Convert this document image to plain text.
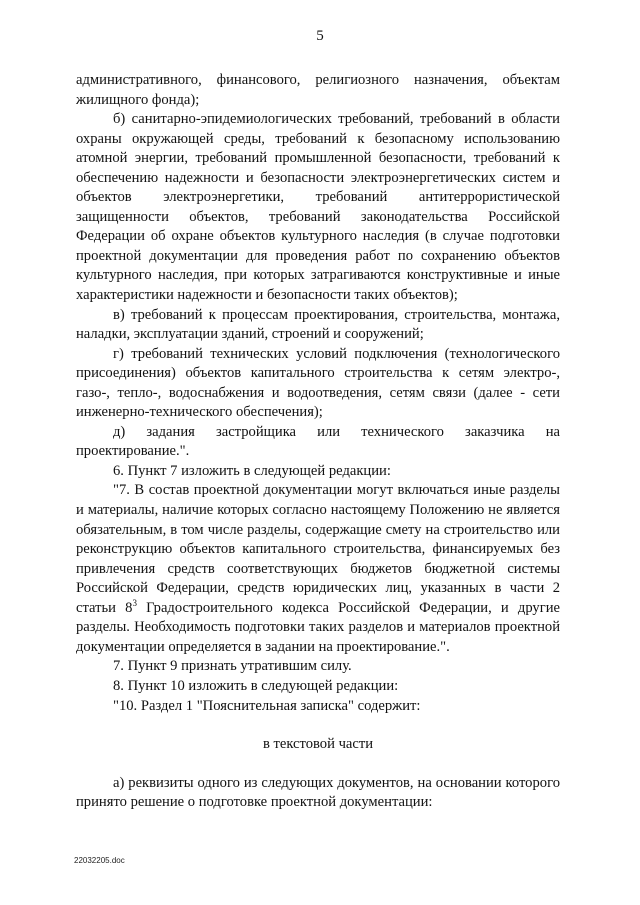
5

административного, финансового, религиозного назначения, объектам жилищного фонда);

б) санитарно-эпидемиологических требований, требований в области охраны окружающей среды, требований к безопасному использованию атомной энергии, требований промышленной безопасности, требований к обеспечению надежности и безопасности электроэнергетических систем и объектов электроэнергетики, требований антитеррористической защищенности объектов, требований законодательства Российской Федерации об охране объектов культурного наследия (в случае подготовки проектной документации для проведения работ по сохранению объектов культурного наследия, при которых затрагиваются конструктивные и иные характеристики надежности и безопасности таких объектов);

в) требований к процессам проектирования, строительства, монтажа, наладки, эксплуатации зданий, строений и сооружений;

г) требований технических условий подключения (технологического присоединения) объектов капитального строительства к сетям электро-, газо-, тепло-, водоснабжения и водоотведения, сетям связи (далее - сети инженерно-технического обеспечения);

д) задания застройщика или технического заказчика на проектирование.".

6. Пункт 7 изложить в следующей редакции:

"7. В состав проектной документации могут включаться иные разделы и материалы, наличие которых согласно настоящему Положению не является обязательным, в том числе разделы, содержащие смету на строительство или реконструкцию объектов капитального строительства, финансируемых без привлечения средств соответствующих бюджетов бюджетной системы Российской Федерации, средств юридических лиц, указанных в части 2 статьи $8^3$ Градостроительного кодекса Российской Федерации, и другие разделы. Необходимость подготовки таких разделов и материалов проектной документации определяется в задании на проектирование.".

7. Пункт 9 признать утратившим силу.

8. Пункт 10 изложить в следующей редакции:

"10. Раздел 1 "Пояснительная записка" содержит:

в текстовой части

а) реквизиты одного из следующих документов, на основании которого принято решение о подготовке проектной документации:

22032205.doc
